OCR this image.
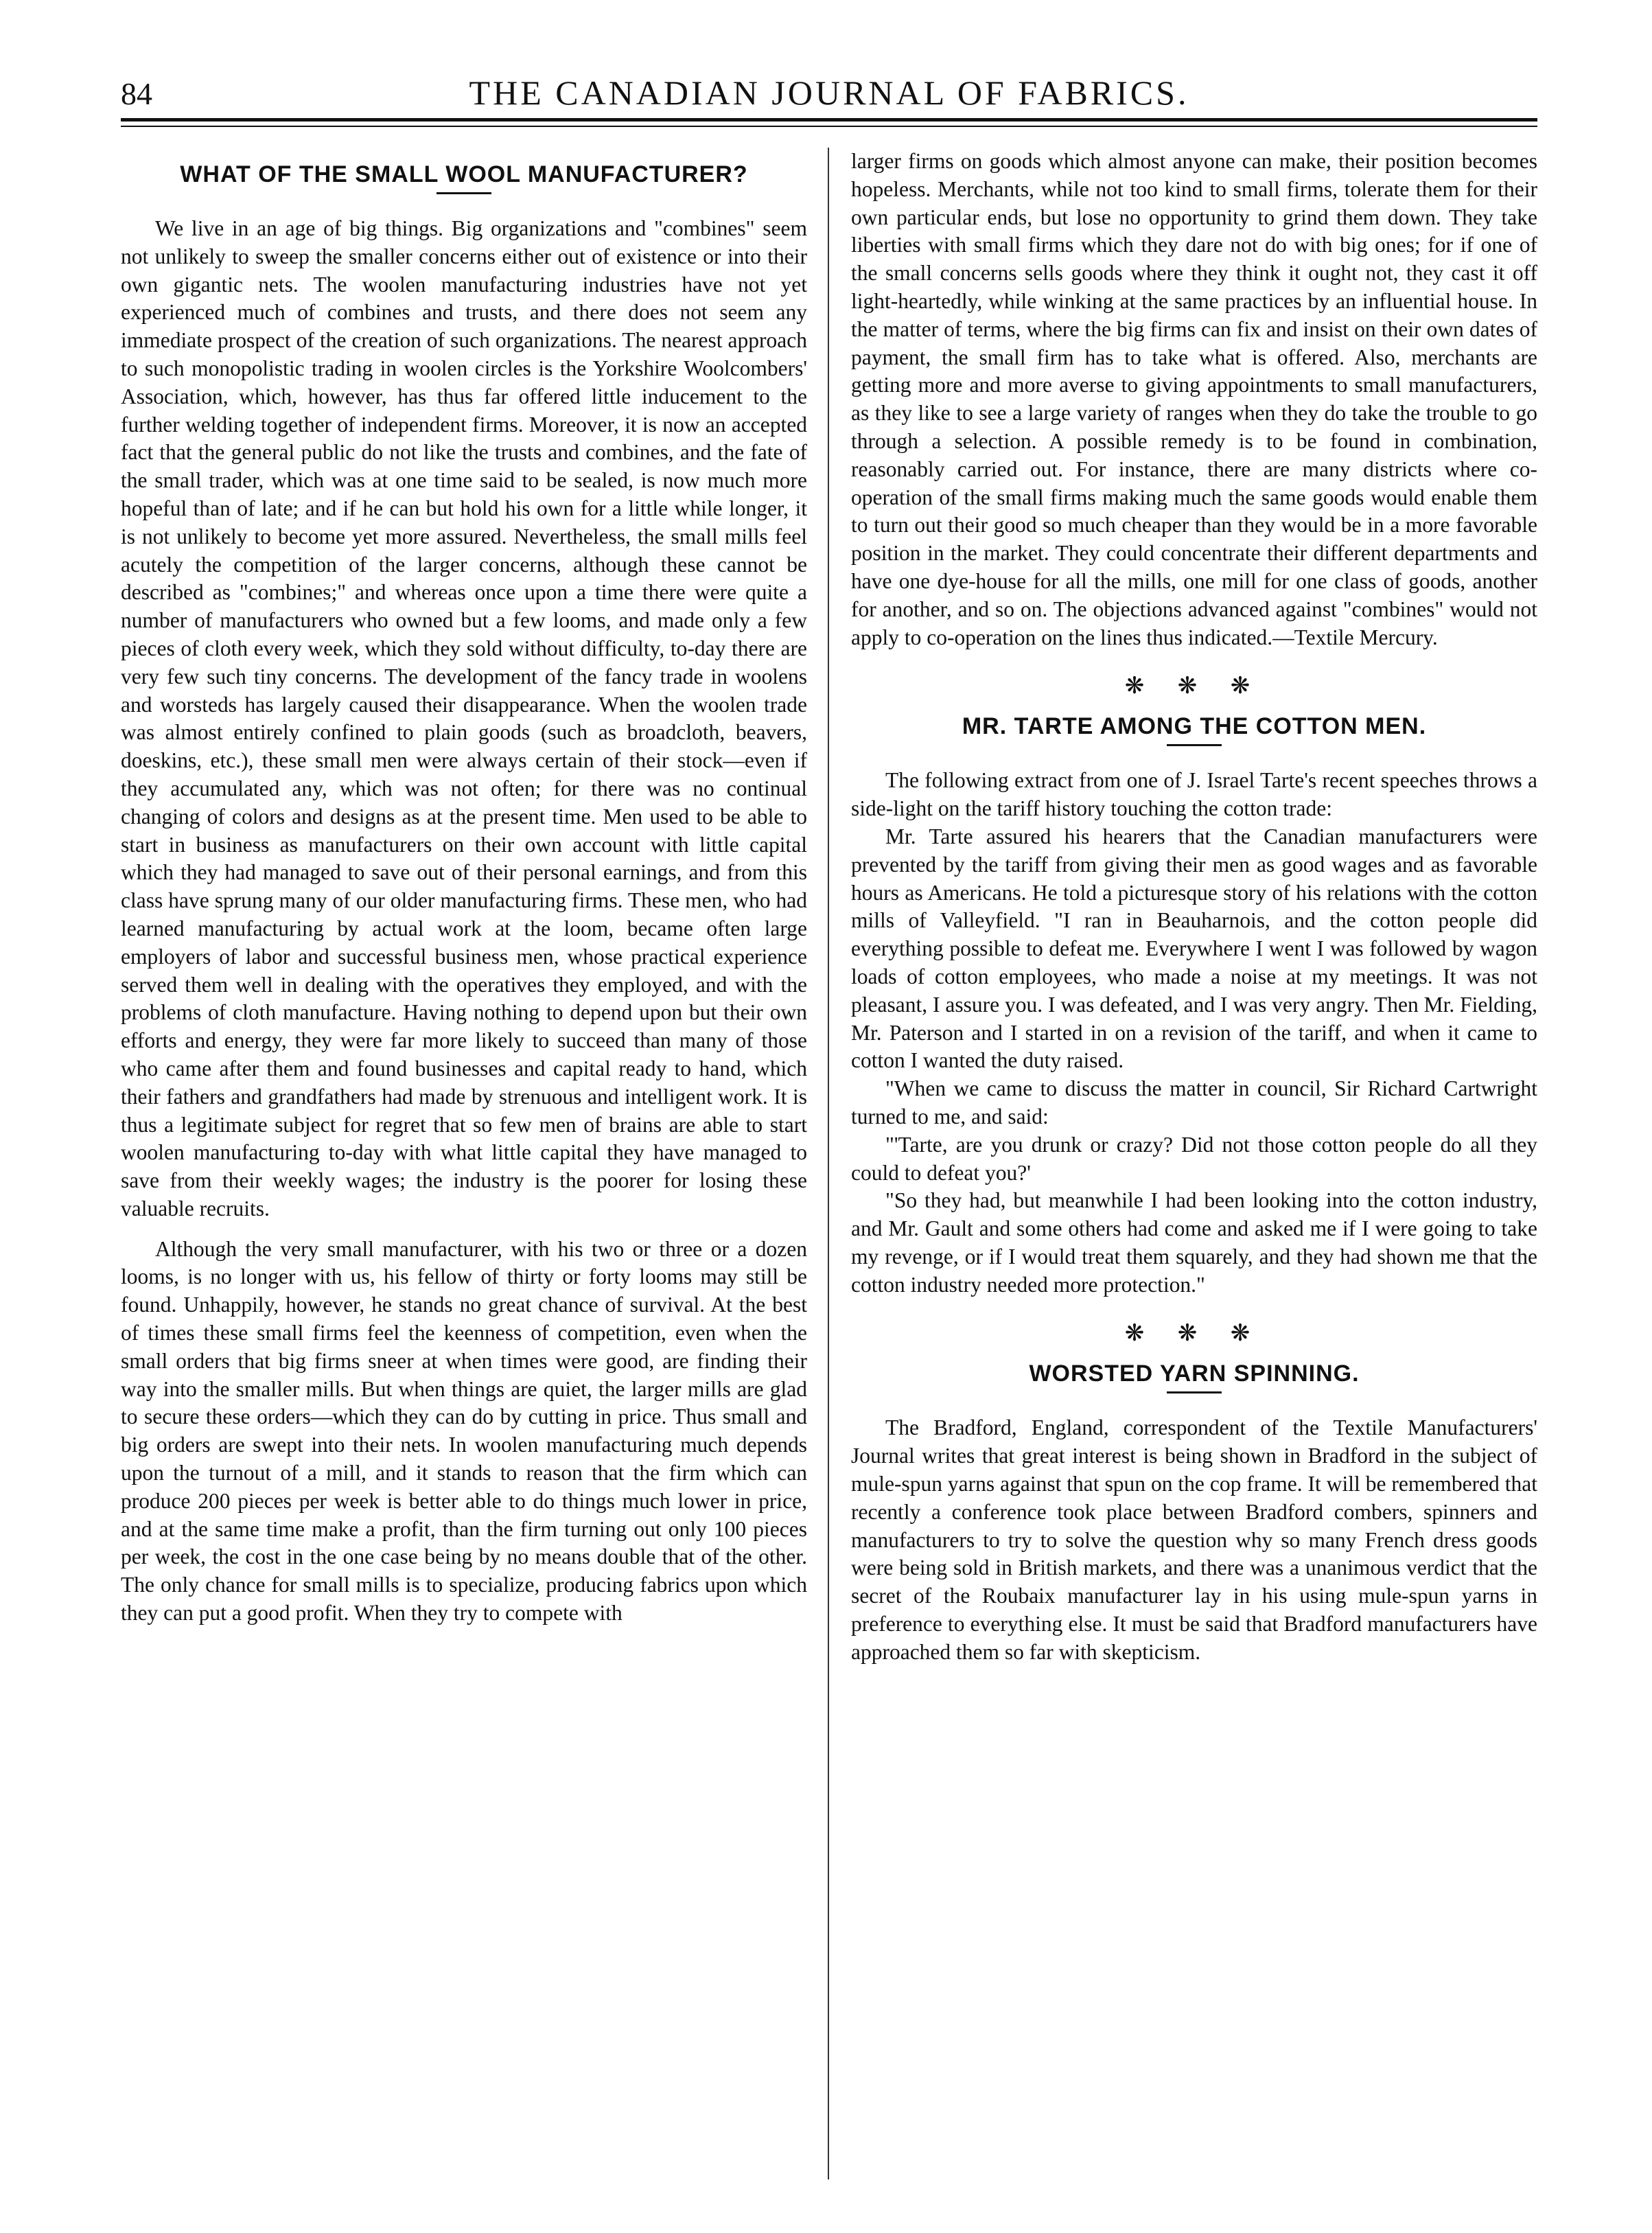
84	THE CANADIAN JOURNAL OF FABRICS.
WHAT OF THE SMALL WOOL MANUFACTURER?

We live in an age of big things. Big organizations and "combines" seem not unlikely to sweep the smaller concerns either out of existence or into their own gigantic nets. The woolen manufacturing industries have not yet experienced much of combines and trusts, and there does not seem any immediate prospect of the creation of such organizations. The nearest approach to such monopolistic trading in woolen circles is the Yorkshire Woolcombers' Association, which, however, has thus far offered little inducement to the further welding together of independent firms. Moreover, it is now an accepted fact that the general public do not like the trusts and combines, and the fate of the small trader, which was at one time said to be sealed, is now much more hopeful than of late; and if he can but hold his own for a little while longer, it is not unlikely to become yet more assured. Nevertheless, the small mills feel acutely the competition of the larger concerns, although these cannot be described as "combines;" and whereas once upon a time there were quite a number of manufacturers who owned but a few looms, and made only a few pieces of cloth every week, which they sold without difficulty, to-day there are very few such tiny concerns. The development of the fancy trade in woolens and worsteds has largely caused their disappearance. When the woolen trade was almost entirely confined to plain goods (such as broadcloth, beavers, doeskins, etc.), these small men were always certain of their stock—even if they accumulated any, which was not often; for there was no continual changing of colors and designs as at the present time. Men used to be able to start in business as manufacturers on their own account with little capital which they had managed to save out of their personal earnings, and from this class have sprung many of our older manufacturing firms. These men, who had learned manufacturing by actual work at the loom, became often large employers of labor and successful business men, whose practical experience served them well in dealing with the operatives they employed, and with the problems of cloth manufacture. Having nothing to depend upon but their own efforts and energy, they were far more likely to succeed than many of those who came after them and found businesses and capital ready to hand, which their fathers and grandfathers had made by strenuous and intelligent work. It is thus a legitimate subject for regret that so few men of brains are able to start woolen manufacturing to-day with what little capital they have managed to save from their weekly wages; the industry is the poorer for losing these valuable recruits.

Although the very small manufacturer, with his two or three or a dozen looms, is no longer with us, his fellow of thirty or forty looms may still be found. Unhappily, however, he stands no great chance of survival. At the best of times these small firms feel the keenness of competition, even when the small orders that big firms sneer at when times were good, are finding their way into the smaller mills. But when things are quiet, the larger mills are glad to secure these orders—which they can do by cutting in price. Thus small and big orders are swept into their nets. In woolen manufacturing much depends upon the turnout of a mill, and it stands to reason that the firm which can produce 200 pieces per week is better able to do things much lower in price, and at the same time make a profit, than the firm turning out only 100 pieces per week, the cost in the one case being by no means double that of the other. The only chance for small mills is to specialize, producing fabrics upon which they can put a good profit. When they try to compete with

larger firms on goods which almost anyone can make, their position becomes hopeless. Merchants, while not too kind to small firms, tolerate them for their own particular ends, but lose no opportunity to grind them down. They take liberties with small firms which they dare not do with big ones; for if one of the small concerns sells goods where they think it ought not, they cast it off light-heartedly, while winking at the same practices by an influential house. In the matter of terms, where the big firms can fix and insist on their own dates of payment, the small firm has to take what is offered. Also, merchants are getting more and more averse to giving appointments to small manufacturers, as they like to see a large variety of ranges when they do take the trouble to go through a selection. A possible remedy is to be found in combination, reasonably carried out. For instance, there are many districts where co-operation of the small firms making much the same goods would enable them to turn out their good so much cheaper than they would be in a more favorable position in the market. They could concentrate their different departments and have one dye-house for all the mills, one mill for one class of goods, another for another, and so on. The objections advanced against "combines" would not apply to co-operation on the lines thus indicated.—Textile Mercury.

❋ ❋ ❋
MR. TARTE AMONG THE COTTON MEN.

The following extract from one of J. Israel Tarte's recent speeches throws a side-light on the tariff history touching the cotton trade:

Mr. Tarte assured his hearers that the Canadian manufacturers were prevented by the tariff from giving their men as good wages and as favorable hours as Americans. He told a picturesque story of his relations with the cotton mills of Valleyfield. "I ran in Beauharnois, and the cotton people did everything possible to defeat me. Everywhere I went I was followed by wagon loads of cotton employees, who made a noise at my meetings. It was not pleasant, I assure you. I was defeated, and I was very angry. Then Mr. Fielding, Mr. Paterson and I started in on a revision of the tariff, and when it came to cotton I wanted the duty raised.

"When we came to discuss the matter in council, Sir Richard Cartwright turned to me, and said:

"'Tarte, are you drunk or crazy? Did not those cotton people do all they could to defeat you?'

"So they had, but meanwhile I had been looking into the cotton industry, and Mr. Gault and some others had come and asked me if I were going to take my revenge, or if I would treat them squarely, and they had shown me that the cotton industry needed more protection."

❋ ❋ ❋
WORSTED YARN SPINNING.

The Bradford, England, correspondent of the Textile Manufacturers' Journal writes that great interest is being shown in Bradford in the subject of mule-spun yarns against that spun on the cop frame. It will be remembered that recently a conference took place between Bradford combers, spinners and manufacturers to try to solve the question why so many French dress goods were being sold in British markets, and there was a unanimous verdict that the secret of the Roubaix manufacturer lay in his using mule-spun yarns in preference to everything else. It must be said that Bradford manufacturers have approached them so far with skepticism.
